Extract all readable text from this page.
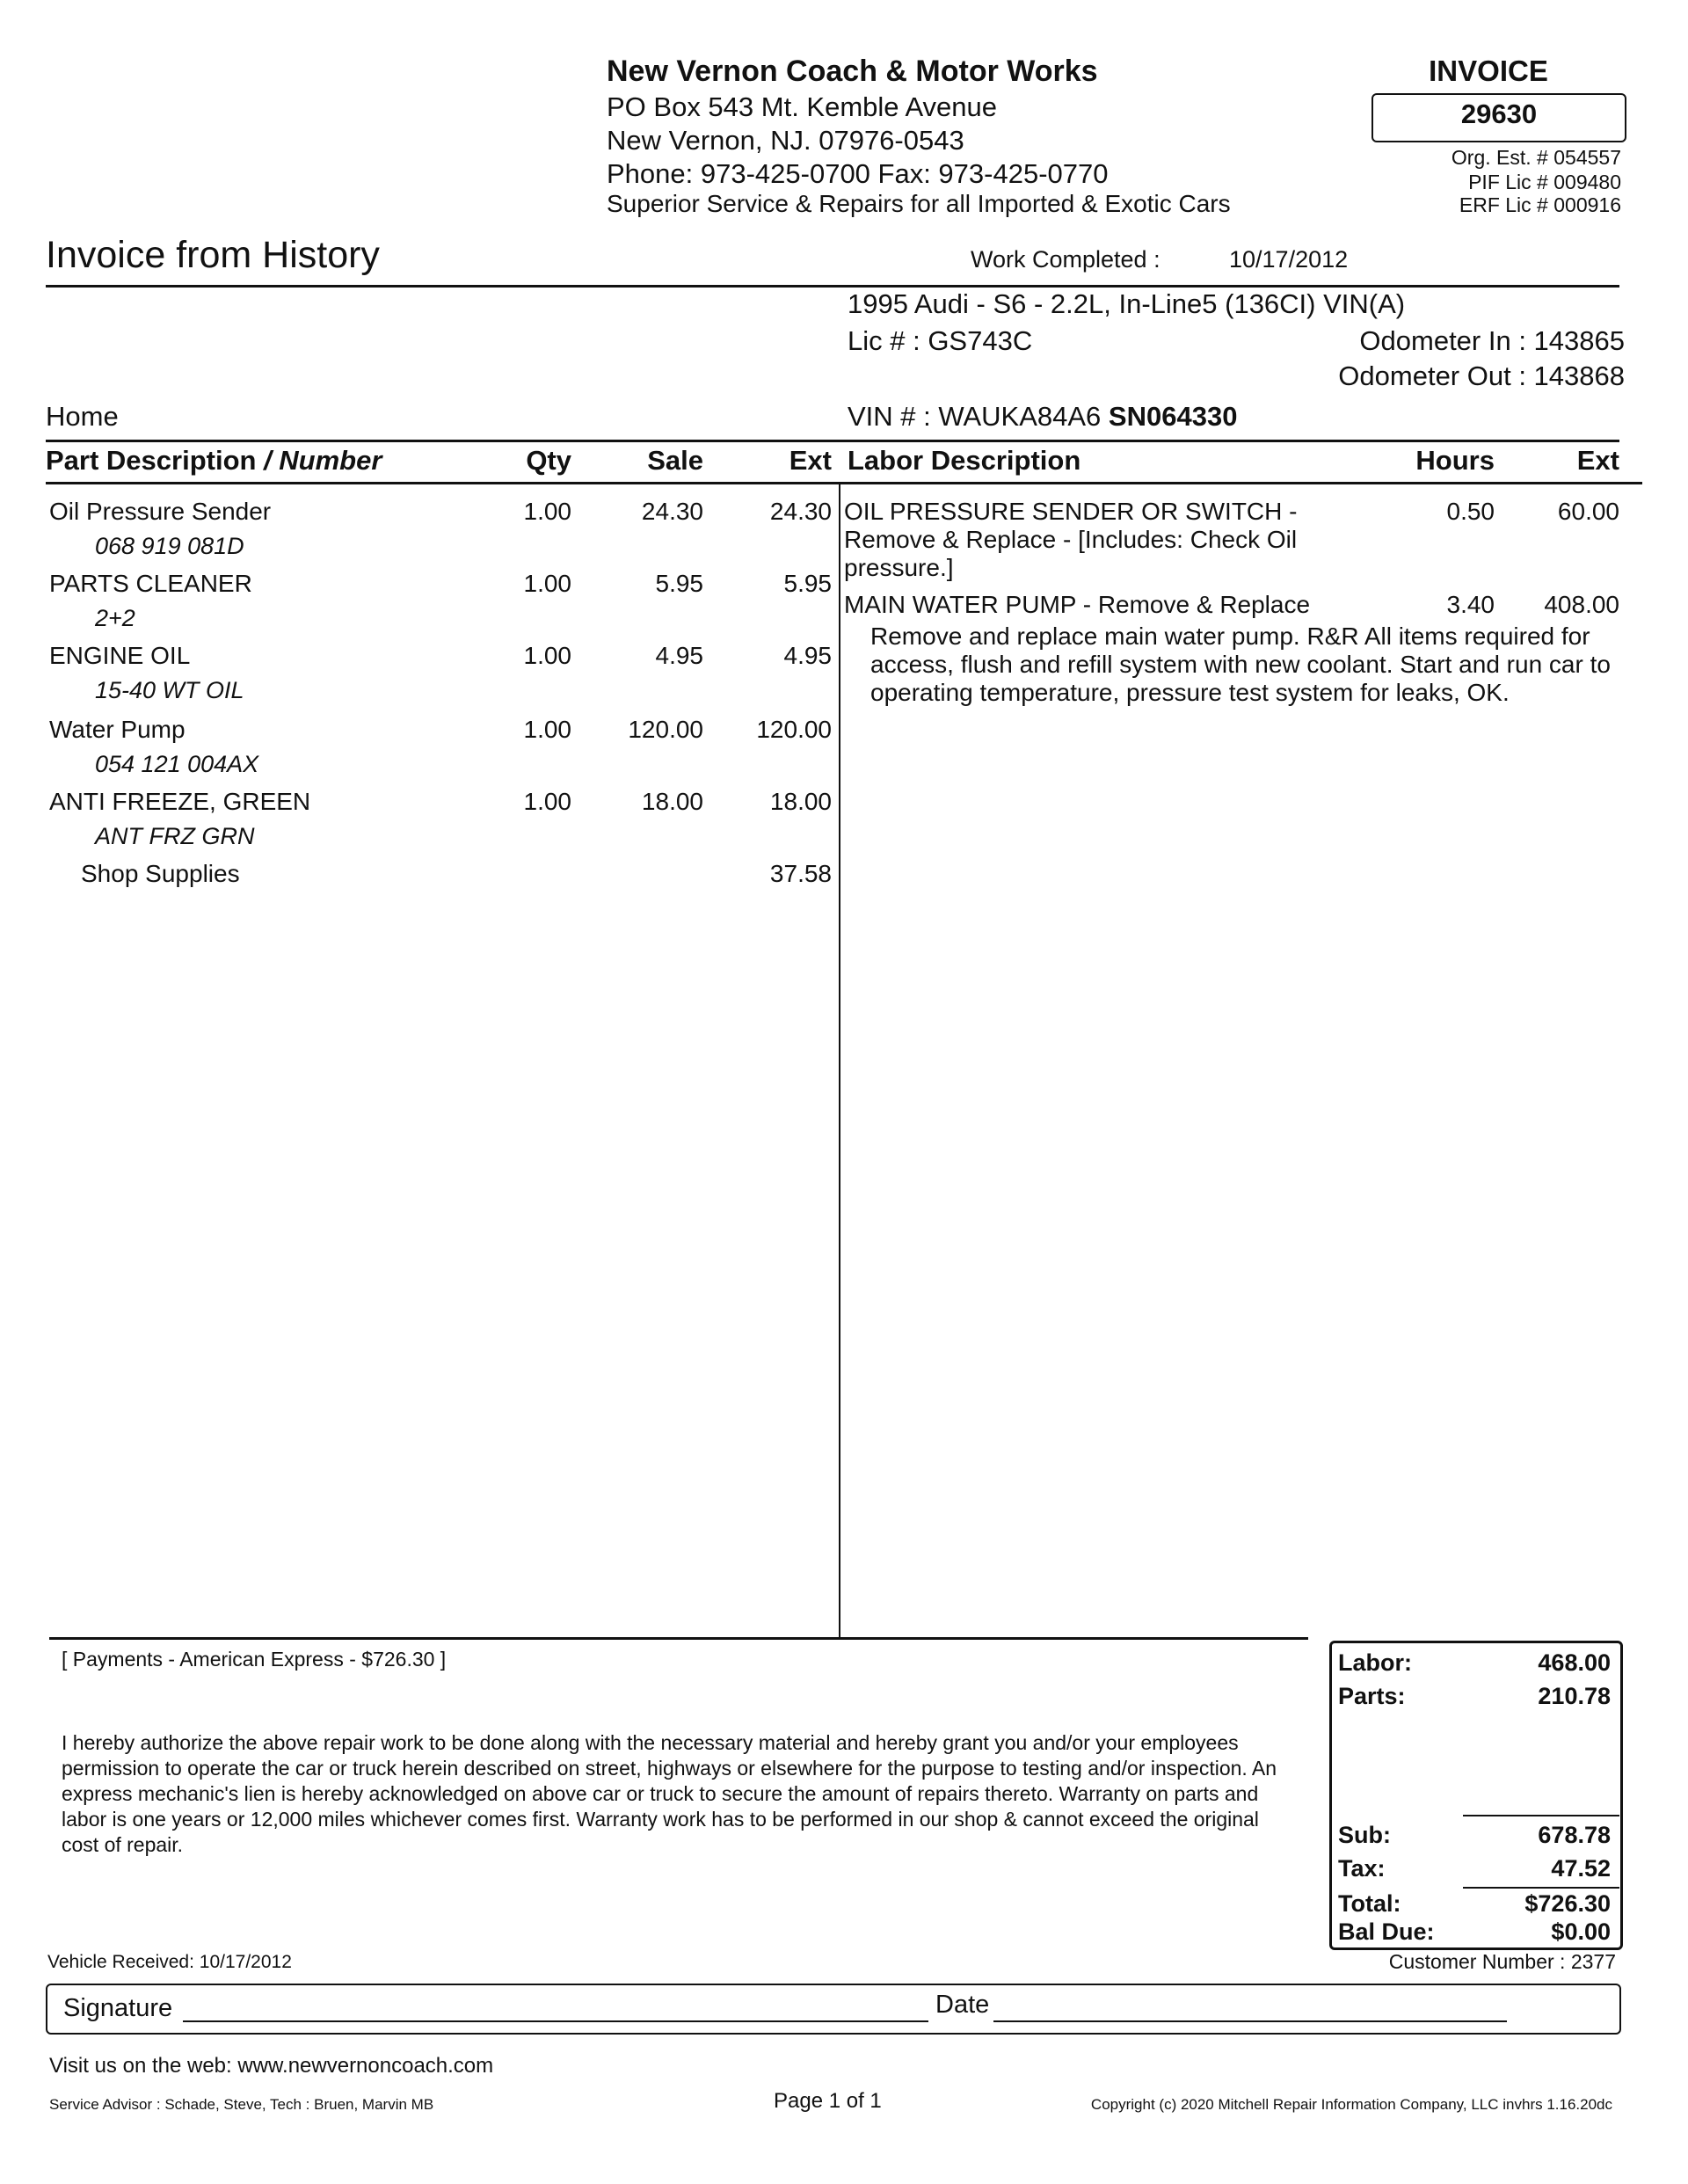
New Vernon Coach & Motor Works
PO Box 543 Mt. Kemble Avenue
New Vernon, NJ. 07976-0543
Phone: 973-425-0700 Fax: 973-425-0770
Superior Service & Repairs for all Imported & Exotic Cars
INVOICE
29630
Org. Est. # 054557
PIF Lic # 009480
ERF Lic # 000916
Invoice from History	Work Completed :	10/17/2012
1995 Audi - S6 - 2.2L, In-Line5 (136CI) VIN(A)
Lic # : GS743C	Odometer In : 143865
Odometer Out : 143868
Home	VIN # : WAUKA84A6 SN064330
Part Description / Number	Qty	Sale	Ext Labor Description	Hours	Ext
Oil Pressure Sender
068 919 081D
1.00	24.30	24.30
PARTS CLEANER
2+2
1.00	5.95	5.95
ENGINE OIL
15-40 WT OIL
1.00	4.95	4.95
Water Pump
054 121 004AX
1.00	120.00	120.00
ANTI FREEZE, GREEN
ANT FRZ GRN
1.00	18.00	18.00
Shop Supplies	37.58
OIL PRESSURE SENDER OR SWITCH -
Remove & Replace - [Includes: Check Oil
pressure.]
0.50	60.00
MAIN WATER PUMP - Remove & Replace	3.40	408.00
Remove and replace main water pump. R&R All items required for
access, flush and refill system with new coolant. Start and run car to
operating temperature, pressure test system for leaks, OK.
[ Payments - American Express - $726.30 ]
I hereby authorize the above repair work to be done along with the necessary material and hereby grant you and/or your employees permission to operate the car or truck herein described on street, highways or elsewhere for the purpose to testing and/or inspection. An express mechanic's lien is hereby acknowledged on above car or truck to secure the amount of repairs thereto. Warranty on parts and labor is one years or 12,000 miles whichever comes first. Warranty work has to be performed in our shop & cannot exceed the original cost of repair.
Labor:	468.00
Parts:	210.78
Sub:	678.78
Tax:	47.52
Total:	$726.30
Bal Due:	$0.00
Vehicle Received: 10/17/2012	Customer Number : 2377
Signature	Date
Visit us on the web: www.newvernoncoach.com
Service Advisor : Schade, Steve, Tech : Bruen, Marvin MB	Page 1 of 1	Copyright (c) 2020 Mitchell Repair Information Company, LLC invhrs 1.16.20dc
